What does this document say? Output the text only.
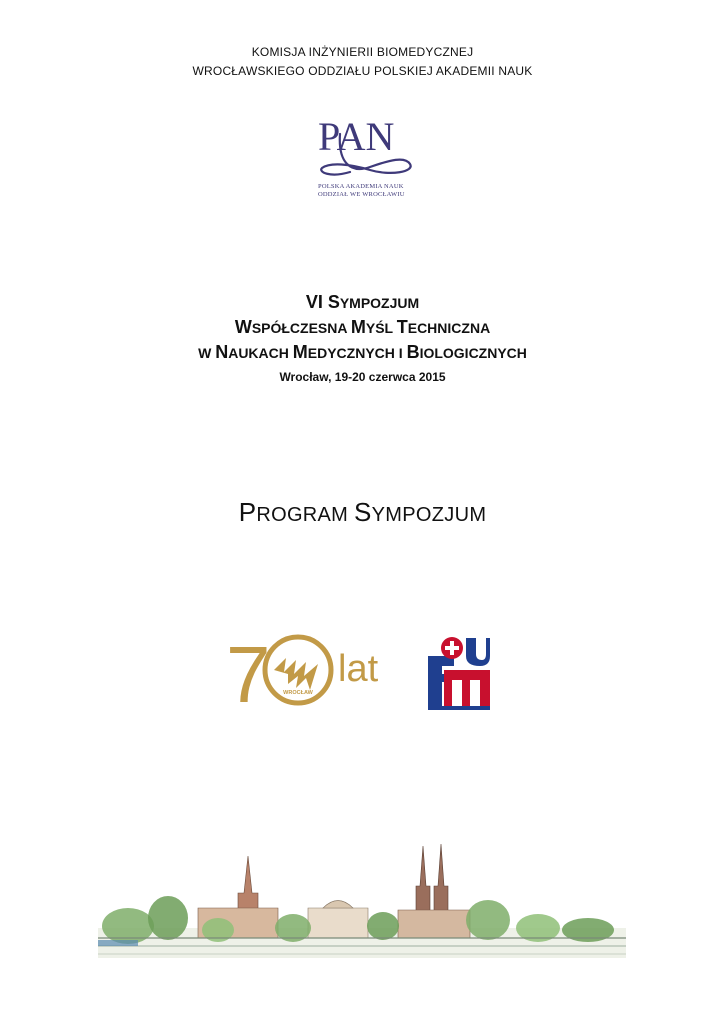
KOMISJA INŻYNIERII BIOMEDYCZNEJ
WROCŁAWSKIEGO ODDZIAŁU POLSKIEJ AKADEMII NAUK
PAN
POLSKA AKADEMIA NAUK
ODDZIAŁ WE WROCŁAWIU
VI SYMPOZJUM
WSPÓŁCZESNA MYŚL TECHNICZNA
W NAUKACH MEDYCZNYCH I BIOLOGICZNYCH
Wrocław, 19-20 czerwca 2015
PROGRAM SYMPOZJUM
7 WROCŁAW
lat
